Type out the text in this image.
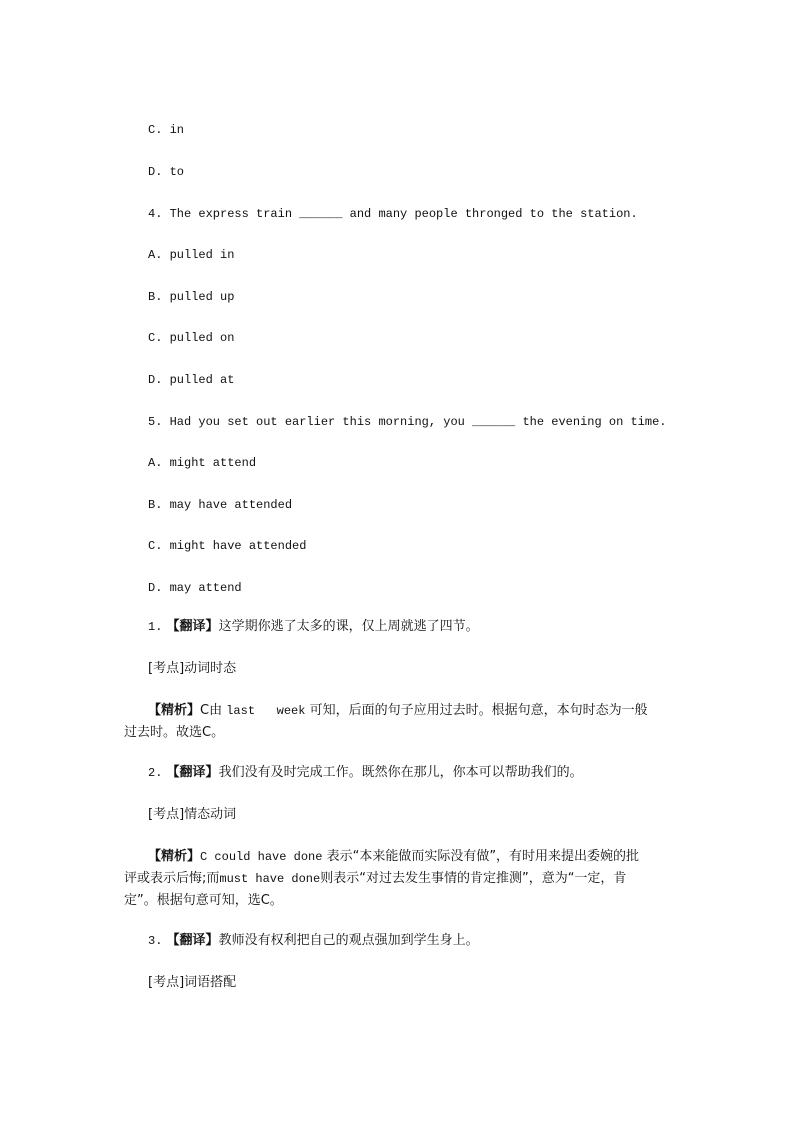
C. in
D. to
4. The express train ______ and many people thronged to the station.
A. pulled in
B. pulled up
C. pulled on
D. pulled at
5. Had you set out earlier this morning, you ______ the evening on time.
A. might attend
B. may have attended
C. might have attended
D. may attend
1. 【翻译】这学期你逃了太多的课，仅上周就逃了四节。
[考点]动词时态
【精析】C由 last   week 可知，后面的句子应用过去时。根据句意，本句时态为一般
过去时。故选C。
2. 【翻译】我们没有及时完成工作。既然你在那儿，你本可以帮助我们的。
[考点]情态动词
【精析】C could have done 表示“本来能做而实际没有做”，有时用来提出委婉的批
评或表示后悔;而must have done则表示“对过去发生事情的肯定推测”，意为“一定，肯
定”。根据句意可知，选C。
3. 【翻译】教师没有权利把自己的观点强加到学生身上。
[考点]词语搭配
